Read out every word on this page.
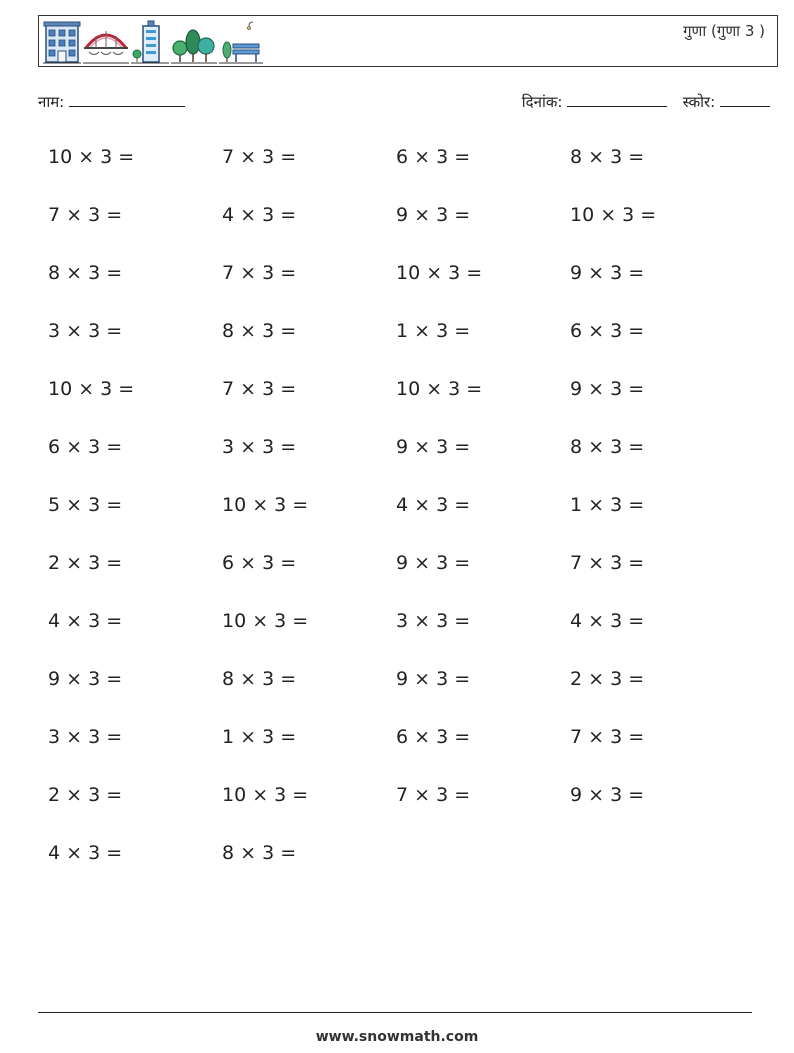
गुणा (गुणा 3 )
नाम:	दिनांक:	स्कोर:
10 × 3 =	7 × 3 =	6 × 3 =	8 × 3 =
7 × 3 =	4 × 3 =	9 × 3 =	10 × 3 =
8 × 3 =	7 × 3 =	10 × 3 =	9 × 3 =
3 × 3 =	8 × 3 =	1 × 3 =	6 × 3 =
10 × 3 =	7 × 3 =	10 × 3 =	9 × 3 =
6 × 3 =	3 × 3 =	9 × 3 =	8 × 3 =
5 × 3 =	10 × 3 =	4 × 3 =	1 × 3 =
2 × 3 =	6 × 3 =	9 × 3 =	7 × 3 =
4 × 3 =	10 × 3 =	3 × 3 =	4 × 3 =
9 × 3 =	8 × 3 =	9 × 3 =	2 × 3 =
3 × 3 =	1 × 3 =	6 × 3 =	7 × 3 =
2 × 3 =	10 × 3 =	7 × 3 =	9 × 3 =
4 × 3 =	8 × 3 =
www.snowmath.com
